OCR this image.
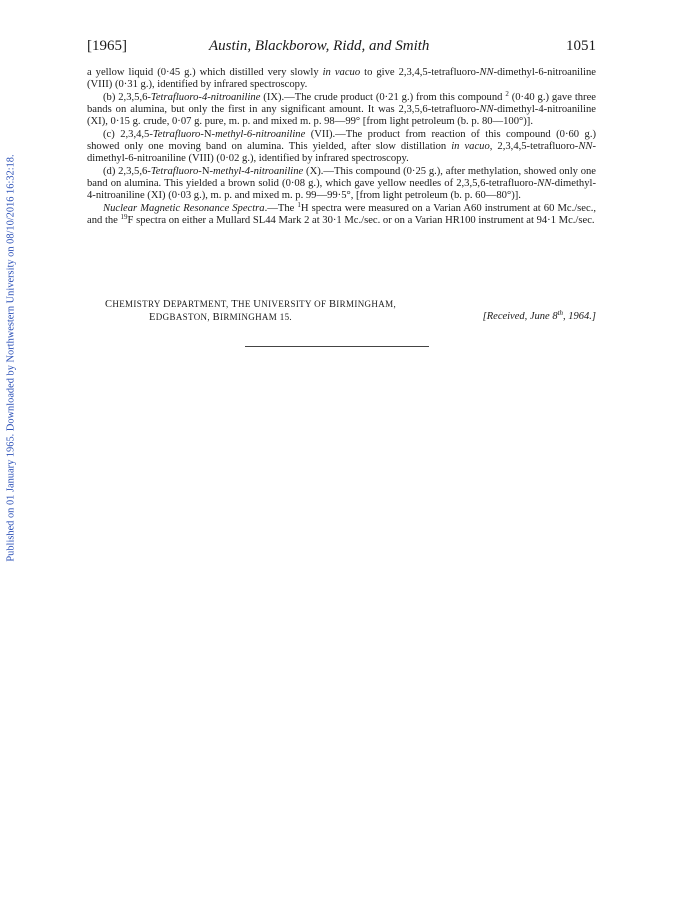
Published on 01 January 1965. Downloaded by Northwestern University on 08/10/2016 16:32:18.
[1965]	Austin, Blackborow, Ridd, and Smith	1051

a yellow liquid (0·45 g.) which distilled very slowly in vacuo to give 2,3,4,5-tetrafluoro-NN-dimethyl-6-nitroaniline (VIII) (0·31 g.), identified by infrared spectroscopy.

(b) 2,3,5,6-Tetrafluoro-4-nitroaniline (IX).—The crude product (0·21 g.) from this compound $^2$ (0·40 g.) gave three bands on alumina, but only the first in any significant amount. It was 2,3,5,6-tetrafluoro-NN-dimethyl-4-nitroaniline (XI), 0·15 g. crude, 0·07 g. pure, m. p. and mixed m. p. 98—99° [from light petroleum (b. p. 80—100°)].

(c) 2,3,4,5-Tetrafluoro-N-methyl-6-nitroaniline (VII).—The product from reaction of this compound (0·60 g.) showed only one moving band on alumina. This yielded, after slow distillation in vacuo, 2,3,4,5-tetrafluoro-NN-dimethyl-6-nitroaniline (VIII) (0·02 g.), identified by infrared spectroscopy.

(d) 2,3,5,6-Tetrafluoro-N-methyl-4-nitroaniline (X).—This compound (0·25 g.), after methylation, showed only one band on alumina. This yielded a brown solid (0·08 g.), which gave yellow needles of 2,3,5,6-tetrafluoro-NN-dimethyl-4-nitroaniline (XI) (0·03 g.), m. p. and mixed m. p. 99—99·5°, [from light petroleum (b. p. 60—80°)].

Nuclear Magnetic Resonance Spectra.—The $^1$H spectra were measured on a Varian A60 instrument at 60 Mc./sec., and the $^{19}$F spectra on either a Mullard SL44 Mark 2 at 30·1 Mc./sec. or on a Varian HR100 instrument at 94·1 Mc./sec.

CHEMISTRY DEPARTMENT, THE UNIVERSITY OF BIRMINGHAM,
EDGBASTON, BIRMINGHAM 15.	[Received, June 8th, 1964.]
